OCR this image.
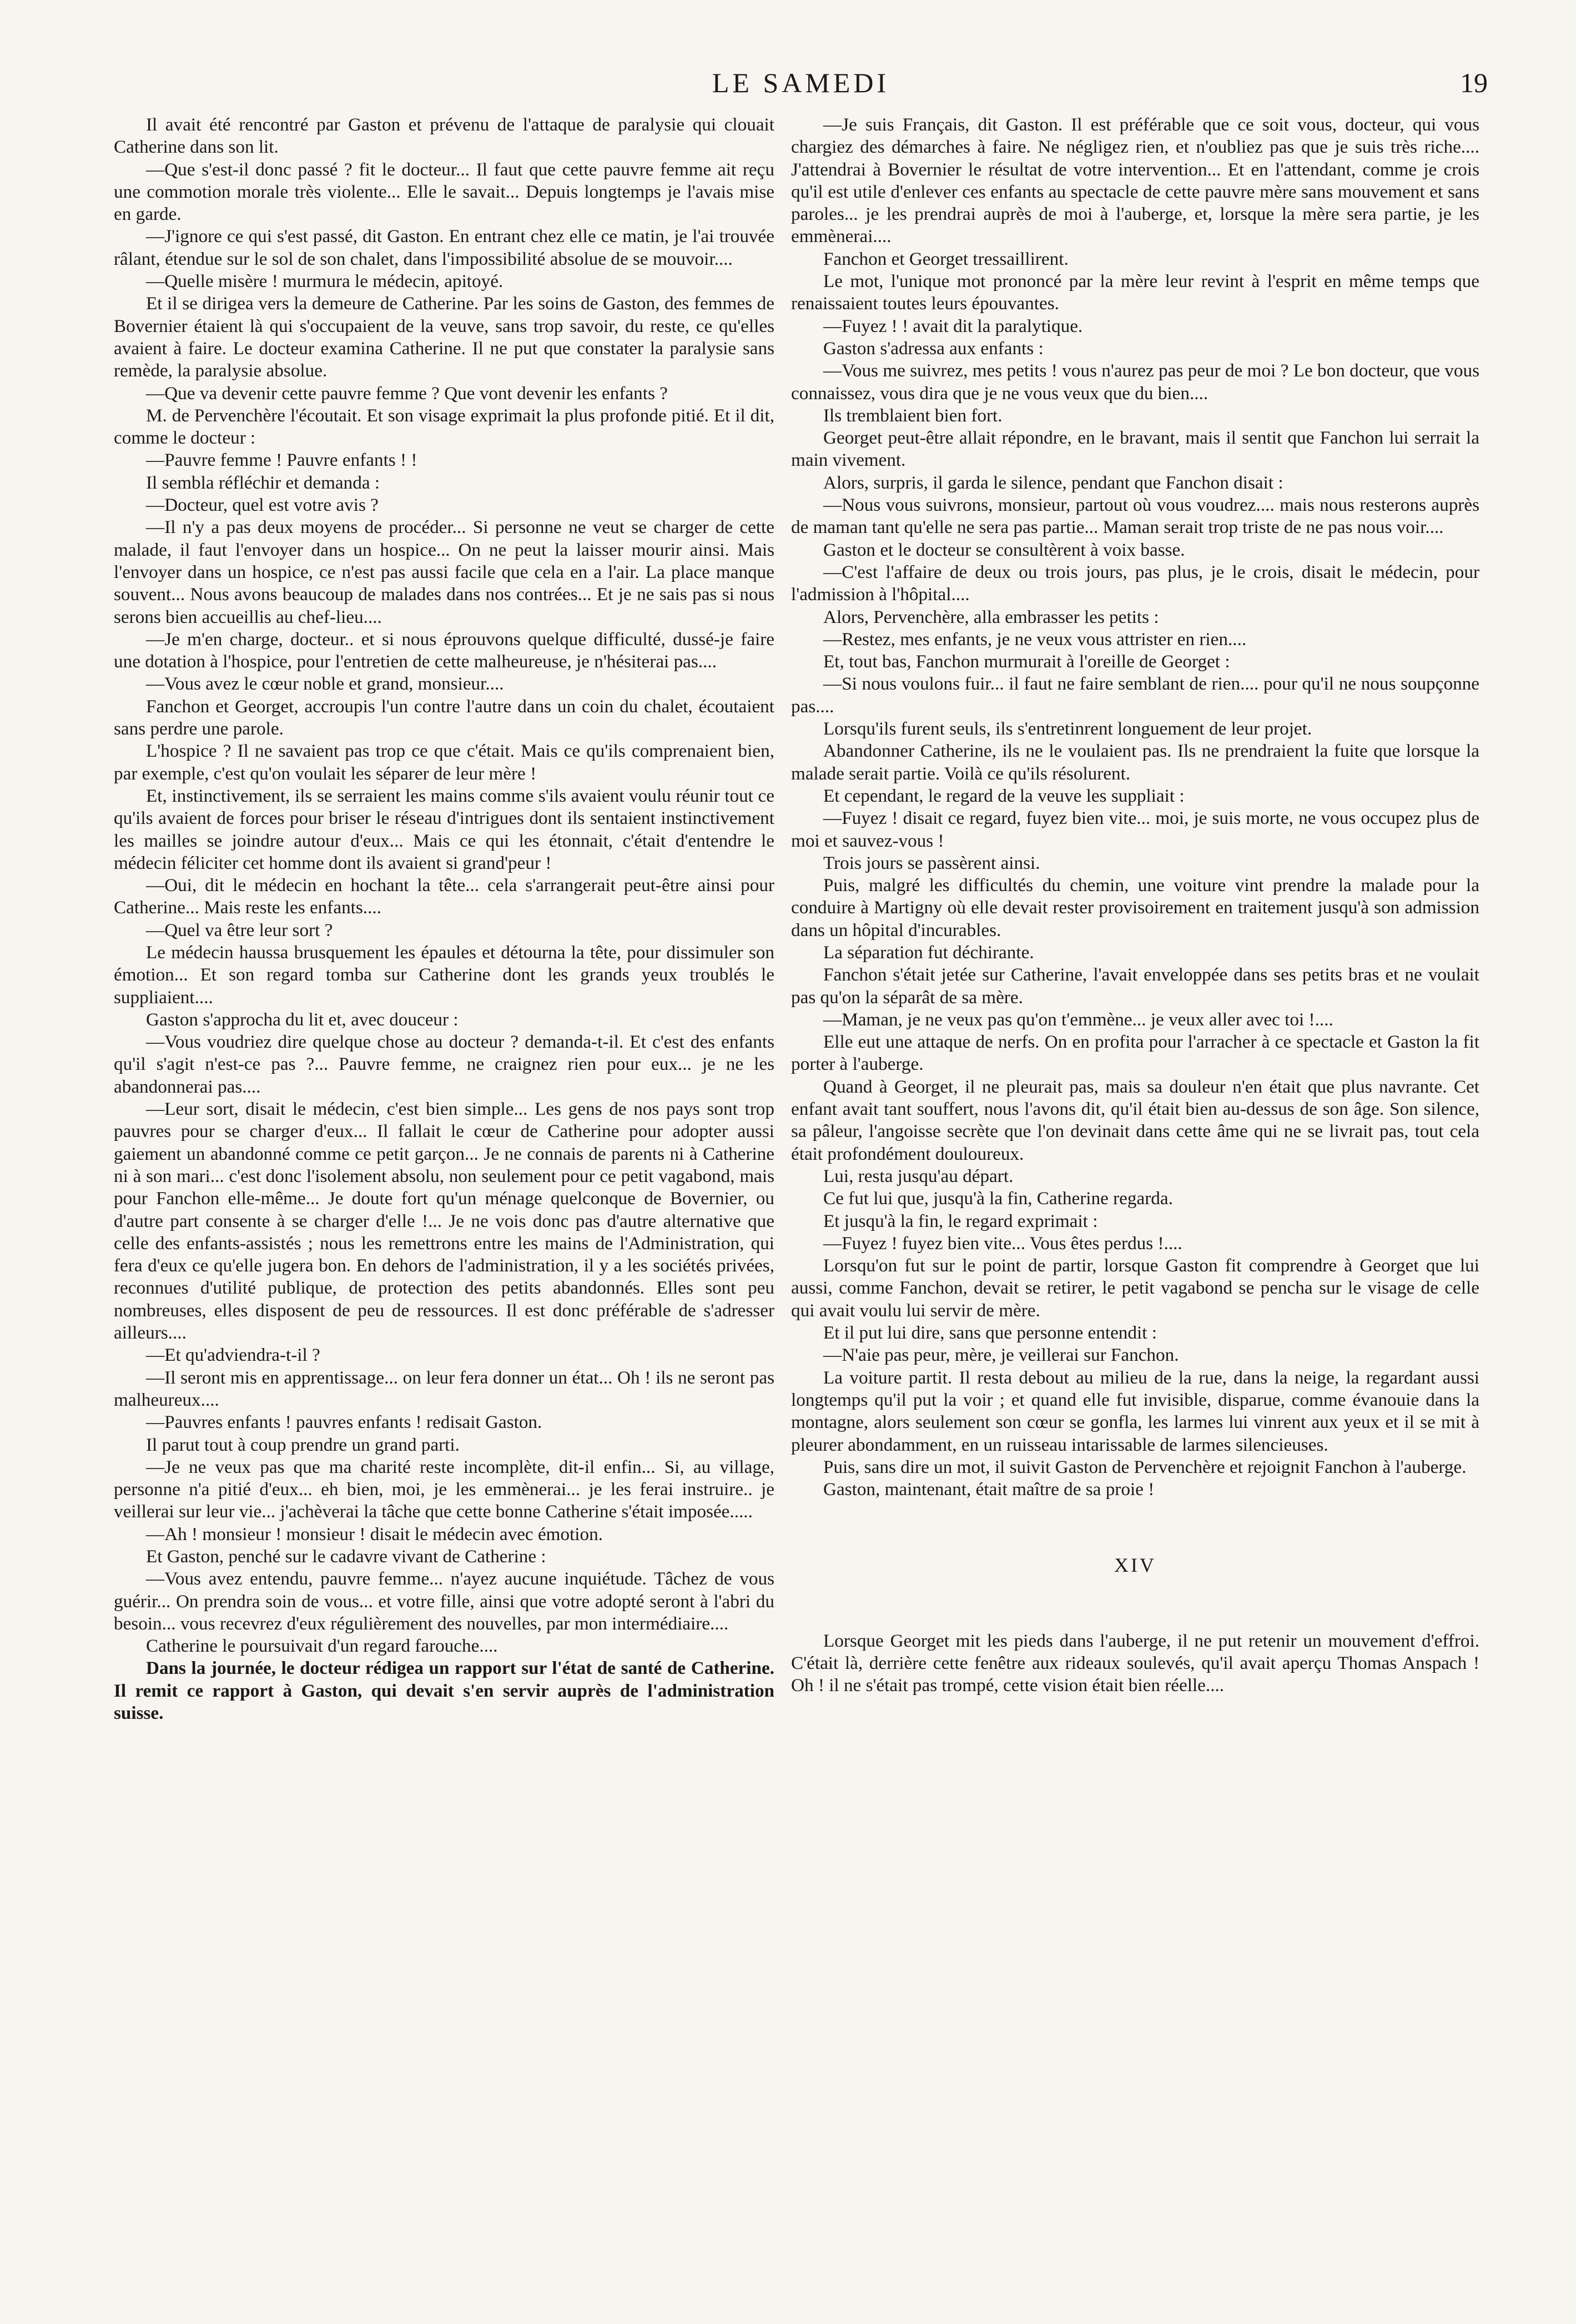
LE SAMEDI	19

Il avait été rencontré par Gaston et prévenu de l'attaque de paralysie qui clouait Catherine dans son lit.

—Que s'est-il donc passé ? fit le docteur... Il faut que cette pauvre femme ait reçu une commotion morale très violente... Elle le savait... Depuis longtemps je l'avais mise en garde.

—J'ignore ce qui s'est passé, dit Gaston. En entrant chez elle ce matin, je l'ai trouvée râlant, étendue sur le sol de son chalet, dans l'impossibilité absolue de se mouvoir....

—Quelle misère ! murmura le médecin, apitoyé.

Et il se dirigea vers la demeure de Catherine. Par les soins de Gaston, des femmes de Bovernier étaient là qui s'occupaient de la veuve, sans trop savoir, du reste, ce qu'elles avaient à faire. Le docteur examina Catherine. Il ne put que constater la paralysie sans remède, la paralysie absolue.

—Que va devenir cette pauvre femme ? Que vont devenir les enfants ?

M. de Pervenchère l'écoutait. Et son visage exprimait la plus profonde pitié. Et il dit, comme le docteur :

—Pauvre femme ! Pauvre enfants ! !

Il sembla réfléchir et demanda :

—Docteur, quel est votre avis ?

—Il n'y a pas deux moyens de procéder... Si personne ne veut se charger de cette malade, il faut l'envoyer dans un hospice... On ne peut la laisser mourir ainsi. Mais l'envoyer dans un hospice, ce n'est pas aussi facile que cela en a l'air. La place manque souvent... Nous avons beaucoup de malades dans nos contrées... Et je ne sais pas si nous serons bien accueillis au chef-lieu....

—Je m'en charge, docteur.. et si nous éprouvons quelque difficulté, dussé-je faire une dotation à l'hospice, pour l'entretien de cette malheureuse, je n'hésiterai pas....

—Vous avez le cœur noble et grand, monsieur....

Fanchon et Georget, accroupis l'un contre l'autre dans un coin du chalet, écoutaient sans perdre une parole.

L'hospice ? Il ne savaient pas trop ce que c'était. Mais ce qu'ils comprenaient bien, par exemple, c'est qu'on voulait les séparer de leur mère !

Et, instinctivement, ils se serraient les mains comme s'ils avaient voulu réunir tout ce qu'ils avaient de forces pour briser le réseau d'intrigues dont ils sentaient instinctivement les mailles se joindre autour d'eux... Mais ce qui les étonnait, c'était d'entendre le médecin féliciter cet homme dont ils avaient si grand'peur !

—Oui, dit le médecin en hochant la tête... cela s'arrangerait peut-être ainsi pour Catherine... Mais reste les enfants....

—Quel va être leur sort ?

Le médecin haussa brusquement les épaules et détourna la tête, pour dissimuler son émotion... Et son regard tomba sur Catherine dont les grands yeux troublés le suppliaient....

Gaston s'approcha du lit et, avec douceur :

—Vous voudriez dire quelque chose au docteur ? demanda-t-il. Et c'est des enfants qu'il s'agit n'est-ce pas ?... Pauvre femme, ne craignez rien pour eux... je ne les abandonnerai pas....

—Leur sort, disait le médecin, c'est bien simple... Les gens de nos pays sont trop pauvres pour se charger d'eux... Il fallait le cœur de Catherine pour adopter aussi gaiement un abandonné comme ce petit garçon... Je ne connais de parents ni à Catherine ni à son mari... c'est donc l'isolement absolu, non seulement pour ce petit vagabond, mais pour Fanchon elle-même... Je doute fort qu'un ménage quelconque de Bovernier, ou d'autre part consente à se charger d'elle !... Je ne vois donc pas d'autre alternative que celle des enfants-assistés ; nous les remettrons entre les mains de l'Administration, qui fera d'eux ce qu'elle jugera bon. En dehors de l'administration, il y a les sociétés privées, reconnues d'utilité publique, de protection des petits abandonnés. Elles sont peu nombreuses, elles disposent de peu de ressources. Il est donc préférable de s'adresser ailleurs....

—Et qu'adviendra-t-il ?

—Il seront mis en apprentissage... on leur fera donner un état... Oh ! ils ne seront pas malheureux....

—Pauvres enfants ! pauvres enfants ! redisait Gaston.

Il parut tout à coup prendre un grand parti.

—Je ne veux pas que ma charité reste incomplète, dit-il enfin... Si, au village, personne n'a pitié d'eux... eh bien, moi, je les emmènerai... je les ferai instruire.. je veillerai sur leur vie... j'achèverai la tâche que cette bonne Catherine s'était imposée.....

—Ah ! monsieur ! monsieur ! disait le médecin avec émotion.

Et Gaston, penché sur le cadavre vivant de Catherine :

—Vous avez entendu, pauvre femme... n'ayez aucune inquiétude. Tâchez de vous guérir... On prendra soin de vous... et votre fille, ainsi que votre adopté seront à l'abri du besoin... vous recevrez d'eux régulièrement des nouvelles, par mon intermédiaire....

Catherine le poursuivait d'un regard farouche....

Dans la journée, le docteur rédigea un rapport sur l'état de santé de Catherine. Il remit ce rapport à Gaston, qui devait s'en servir auprès de l'administration suisse.

—Je suis Français, dit Gaston. Il est préférable que ce soit vous, docteur, qui vous chargiez des démarches à faire. Ne négligez rien, et n'oubliez pas que je suis très riche.... J'attendrai à Bovernier le résultat de votre intervention... Et en l'attendant, comme je crois qu'il est utile d'enlever ces enfants au spectacle de cette pauvre mère sans mouvement et sans paroles... je les prendrai auprès de moi à l'auberge, et, lorsque la mère sera partie, je les emmènerai....

Fanchon et Georget tressaillirent.

Le mot, l'unique mot prononcé par la mère leur revint à l'esprit en même temps que renaissaient toutes leurs épouvantes.

—Fuyez ! ! avait dit la paralytique.

Gaston s'adressa aux enfants :

—Vous me suivrez, mes petits ! vous n'aurez pas peur de moi ? Le bon docteur, que vous connaissez, vous dira que je ne vous veux que du bien....

Ils tremblaient bien fort.

Georget peut-être allait répondre, en le bravant, mais il sentit que Fanchon lui serrait la main vivement.

Alors, surpris, il garda le silence, pendant que Fanchon disait :

—Nous vous suivrons, monsieur, partout où vous voudrez.... mais nous resterons auprès de maman tant qu'elle ne sera pas partie... Maman serait trop triste de ne pas nous voir....

Gaston et le docteur se consultèrent à voix basse.

—C'est l'affaire de deux ou trois jours, pas plus, je le crois, disait le médecin, pour l'admission à l'hôpital....

Alors, Pervenchère, alla embrasser les petits :

—Restez, mes enfants, je ne veux vous attrister en rien....

Et, tout bas, Fanchon murmurait à l'oreille de Georget :

—Si nous voulons fuir... il faut ne faire semblant de rien.... pour qu'il ne nous soupçonne pas....

Lorsqu'ils furent seuls, ils s'entretinrent longuement de leur projet.

Abandonner Catherine, ils ne le voulaient pas. Ils ne prendraient la fuite que lorsque la malade serait partie. Voilà ce qu'ils résolurent.

Et cependant, le regard de la veuve les suppliait :

—Fuyez ! disait ce regard, fuyez bien vite... moi, je suis morte, ne vous occupez plus de moi et sauvez-vous !

Trois jours se passèrent ainsi.

Puis, malgré les difficultés du chemin, une voiture vint prendre la malade pour la conduire à Martigny où elle devait rester provisoirement en traitement jusqu'à son admission dans un hôpital d'incurables.

La séparation fut déchirante.

Fanchon s'était jetée sur Catherine, l'avait enveloppée dans ses petits bras et ne voulait pas qu'on la séparât de sa mère.

—Maman, je ne veux pas qu'on t'emmène... je veux aller avec toi !....

Elle eut une attaque de nerfs. On en profita pour l'arracher à ce spectacle et Gaston la fit porter à l'auberge.

Quand à Georget, il ne pleurait pas, mais sa douleur n'en était que plus navrante. Cet enfant avait tant souffert, nous l'avons dit, qu'il était bien au-dessus de son âge. Son silence, sa pâleur, l'angoisse secrète que l'on devinait dans cette âme qui ne se livrait pas, tout cela était profondément douloureux.

Lui, resta jusqu'au départ.

Ce fut lui que, jusqu'à la fin, Catherine regarda.

Et jusqu'à la fin, le regard exprimait :

—Fuyez ! fuyez bien vite... Vous êtes perdus !....

Lorsqu'on fut sur le point de partir, lorsque Gaston fit comprendre à Georget que lui aussi, comme Fanchon, devait se retirer, le petit vagabond se pencha sur le visage de celle qui avait voulu lui servir de mère.

Et il put lui dire, sans que personne entendit :

—N'aie pas peur, mère, je veillerai sur Fanchon.

La voiture partit. Il resta debout au milieu de la rue, dans la neige, la regardant aussi longtemps qu'il put la voir ; et quand elle fut invisible, disparue, comme évanouie dans la montagne, alors seulement son cœur se gonfla, les larmes lui vinrent aux yeux et il se mit à pleurer abondamment, en un ruisseau intarissable de larmes silencieuses.

Puis, sans dire un mot, il suivit Gaston de Pervenchère et rejoignit Fanchon à l'auberge.

Gaston, maintenant, était maître de sa proie !

XIV

Lorsque Georget mit les pieds dans l'auberge, il ne put retenir un mouvement d'effroi. C'était là, derrière cette fenêtre aux rideaux soulevés, qu'il avait aperçu Thomas Anspach ! Oh ! il ne s'était pas trompé, cette vision était bien réelle....
